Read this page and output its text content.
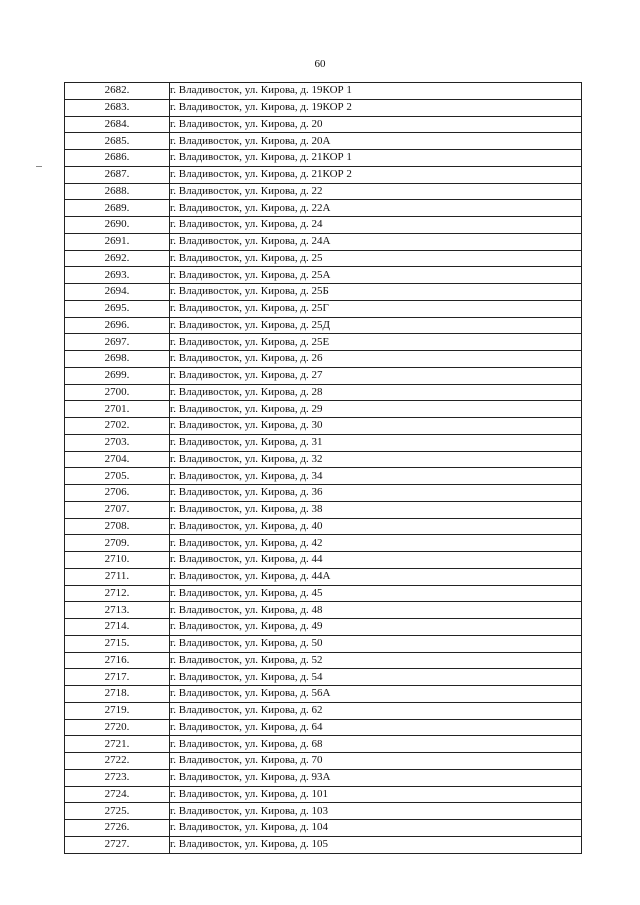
60
2682.	г. Владивосток, ул. Кирова, д. 19КОР 1
2683.	г. Владивосток, ул. Кирова, д. 19КОР 2
2684.	г. Владивосток, ул. Кирова, д. 20
2685.	г. Владивосток, ул. Кирова, д. 20А
2686.	г. Владивосток, ул. Кирова, д. 21КОР 1
2687.	г. Владивосток, ул. Кирова, д. 21КОР 2
2688.	г. Владивосток, ул. Кирова, д. 22
2689.	г. Владивосток, ул. Кирова, д. 22А
2690.	г. Владивосток, ул. Кирова, д. 24
2691.	г. Владивосток, ул. Кирова, д. 24А
2692.	г. Владивосток, ул. Кирова, д. 25
2693.	г. Владивосток, ул. Кирова, д. 25А
2694.	г. Владивосток, ул. Кирова, д. 25Б
2695.	г. Владивосток, ул. Кирова, д. 25Г
2696.	г. Владивосток, ул. Кирова, д. 25Д
2697.	г. Владивосток, ул. Кирова, д. 25Е
2698.	г. Владивосток, ул. Кирова, д. 26
2699.	г. Владивосток, ул. Кирова, д. 27
2700.	г. Владивосток, ул. Кирова, д. 28
2701.	г. Владивосток, ул. Кирова, д. 29
2702.	г. Владивосток, ул. Кирова, д. 30
2703.	г. Владивосток, ул. Кирова, д. 31
2704.	г. Владивосток, ул. Кирова, д. 32
2705.	г. Владивосток, ул. Кирова, д. 34
2706.	г. Владивосток, ул. Кирова, д. 36
2707.	г. Владивосток, ул. Кирова, д. 38
2708.	г. Владивосток, ул. Кирова, д. 40
2709.	г. Владивосток, ул. Кирова, д. 42
2710.	г. Владивосток, ул. Кирова, д. 44
2711.	г. Владивосток, ул. Кирова, д. 44А
2712.	г. Владивосток, ул. Кирова, д. 45
2713.	г. Владивосток, ул. Кирова, д. 48
2714.	г. Владивосток, ул. Кирова, д. 49
2715.	г. Владивосток, ул. Кирова, д. 50
2716.	г. Владивосток, ул. Кирова, д. 52
2717.	г. Владивосток, ул. Кирова, д. 54
2718.	г. Владивосток, ул. Кирова, д. 56А
2719.	г. Владивосток, ул. Кирова, д. 62
2720.	г. Владивосток, ул. Кирова, д. 64
2721.	г. Владивосток, ул. Кирова, д. 68
2722.	г. Владивосток, ул. Кирова, д. 70
2723.	г. Владивосток, ул. Кирова, д. 93А
2724.	г. Владивосток, ул. Кирова, д. 101
2725.	г. Владивосток, ул. Кирова, д. 103
2726.	г. Владивосток, ул. Кирова, д. 104
2727.	г. Владивосток, ул. Кирова, д. 105
